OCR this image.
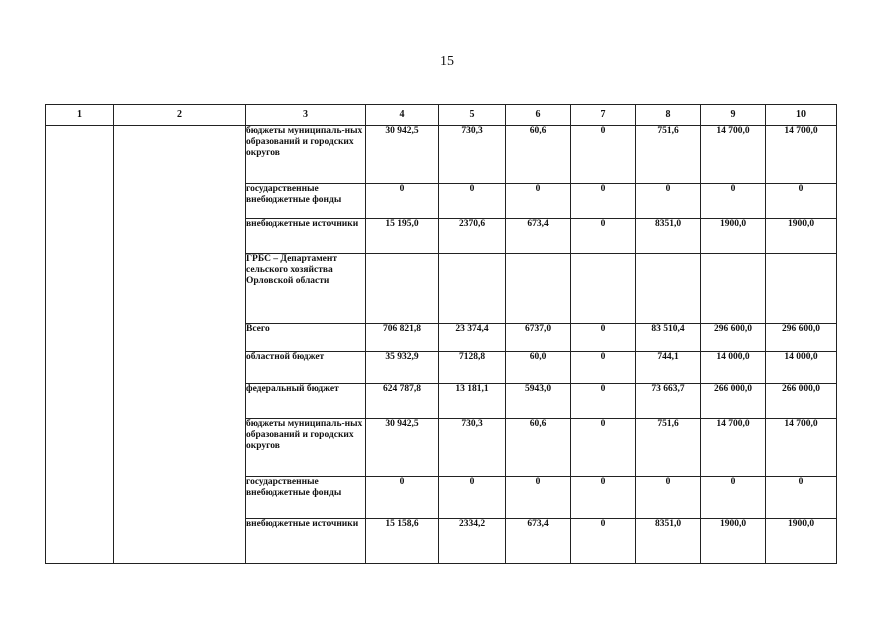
15
1	2	3	4	5	6	7	8	9	10
		бюджеты муниципаль-ных образований и городских округов	30 942,5	730,3	60,6	0	751,6	14 700,0	14 700,0
		государственные внебюджетные фонды	0	0	0	0	0	0	0
		внебюджетные источники	15 195,0	2370,6	673,4	0	8351,0	1900,0	1900,0
		ГРБС – Департамент сельского хозяйства Орловской области							
		Всего	706 821,8	23 374,4	6737,0	0	83 510,4	296 600,0	296 600,0
		областной бюджет	35 932,9	7128,8	60,0	0	744,1	14 000,0	14 000,0
		федеральный бюджет	624 787,8	13 181,1	5943,0	0	73 663,7	266 000,0	266 000,0
		бюджеты муниципаль-ных образований и городских округов	30 942,5	730,3	60,6	0	751,6	14 700,0	14 700,0
		государственные внебюджетные фонды	0	0	0	0	0	0	0
		внебюджетные источники	15 158,6	2334,2	673,4	0	8351,0	1900,0	1900,0
